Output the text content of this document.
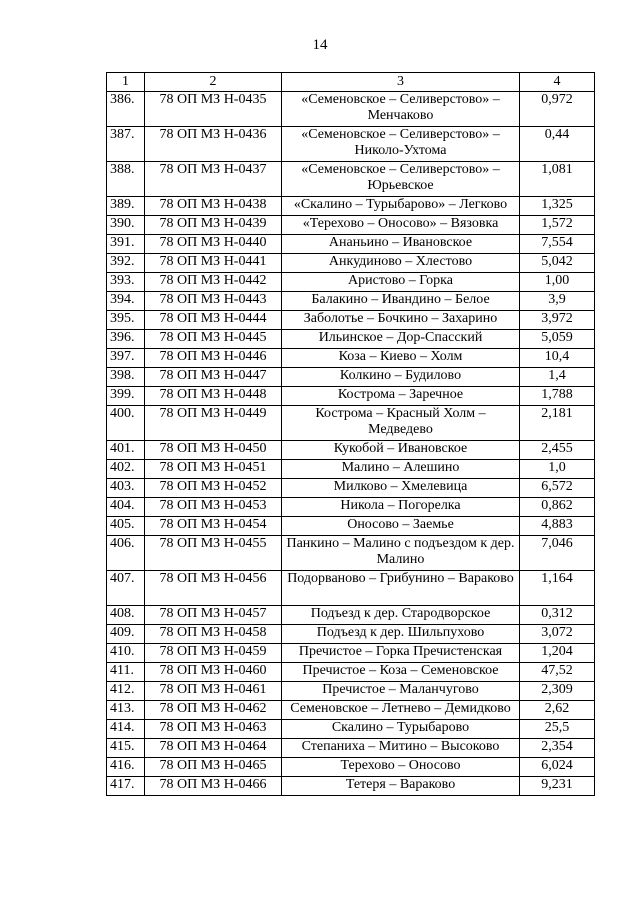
14
1	2	3	4
386.	78 ОП МЗ Н-0435	«Семеновское – Селиверстово» – Менчаково	0,972
387.	78 ОП МЗ Н-0436	«Семеновское – Селиверстово» – Николо-Ухтома	0,44
388.	78 ОП МЗ Н-0437	«Семеновское – Селиверстово» – Юрьевское	1,081
389.	78 ОП МЗ Н-0438	«Скалино – Турыбарово» – Легково	1,325
390.	78 ОП МЗ Н-0439	«Терехово – Оносово» – Вязовка	1,572
391.	78 ОП МЗ Н-0440	Ананьино – Ивановское	7,554
392.	78 ОП МЗ Н-0441	Анкудиново – Хлестово	5,042
393.	78 ОП МЗ Н-0442	Аристово – Горка	1,00
394.	78 ОП МЗ Н-0443	Балакино – Ивандино – Белое	3,9
395.	78 ОП МЗ Н-0444	Заболотье – Бочкино – Захарино	3,972
396.	78 ОП МЗ Н-0445	Ильинское – Дор-Спасский	5,059
397.	78 ОП МЗ Н-0446	Коза – Киево – Холм	10,4
398.	78 ОП МЗ Н-0447	Колкино – Будилово	1,4
399.	78 ОП МЗ Н-0448	Кострома – Заречное	1,788
400.	78 ОП МЗ Н-0449	Кострома – Красный Холм – Медведево	2,181
401.	78 ОП МЗ Н-0450	Кукобой – Ивановское	2,455
402.	78 ОП МЗ Н-0451	Малино – Алешино	1,0
403.	78 ОП МЗ Н-0452	Милково – Хмелевица	6,572
404.	78 ОП МЗ Н-0453	Никола – Погорелка	0,862
405.	78 ОП МЗ Н-0454	Оносово – Заемье	4,883
406.	78 ОП МЗ Н-0455	Панкино – Малино с подъездом к дер. Малино	7,046
407.	78 ОП МЗ Н-0456	Подорваново – Грибунино – Вараково	1,164
408.	78 ОП МЗ Н-0457	Подъезд к дер. Стародворское	0,312
409.	78 ОП МЗ Н-0458	Подъезд к дер. Шильпухово	3,072
410.	78 ОП МЗ Н-0459	Пречистое – Горка Пречистенская	1,204
411.	78 ОП МЗ Н-0460	Пречистое – Коза – Семеновское	47,52
412.	78 ОП МЗ Н-0461	Пречистое – Маланчугово	2,309
413.	78 ОП МЗ Н-0462	Семеновское – Летнево – Демидково	2,62
414.	78 ОП МЗ Н-0463	Скалино – Турыбарово	25,5
415.	78 ОП МЗ Н-0464	Степаниха – Митино – Высоково	2,354
416.	78 ОП МЗ Н-0465	Терехово – Оносово	6,024
417.	78 ОП МЗ Н-0466	Тетеря – Вараково	9,231
